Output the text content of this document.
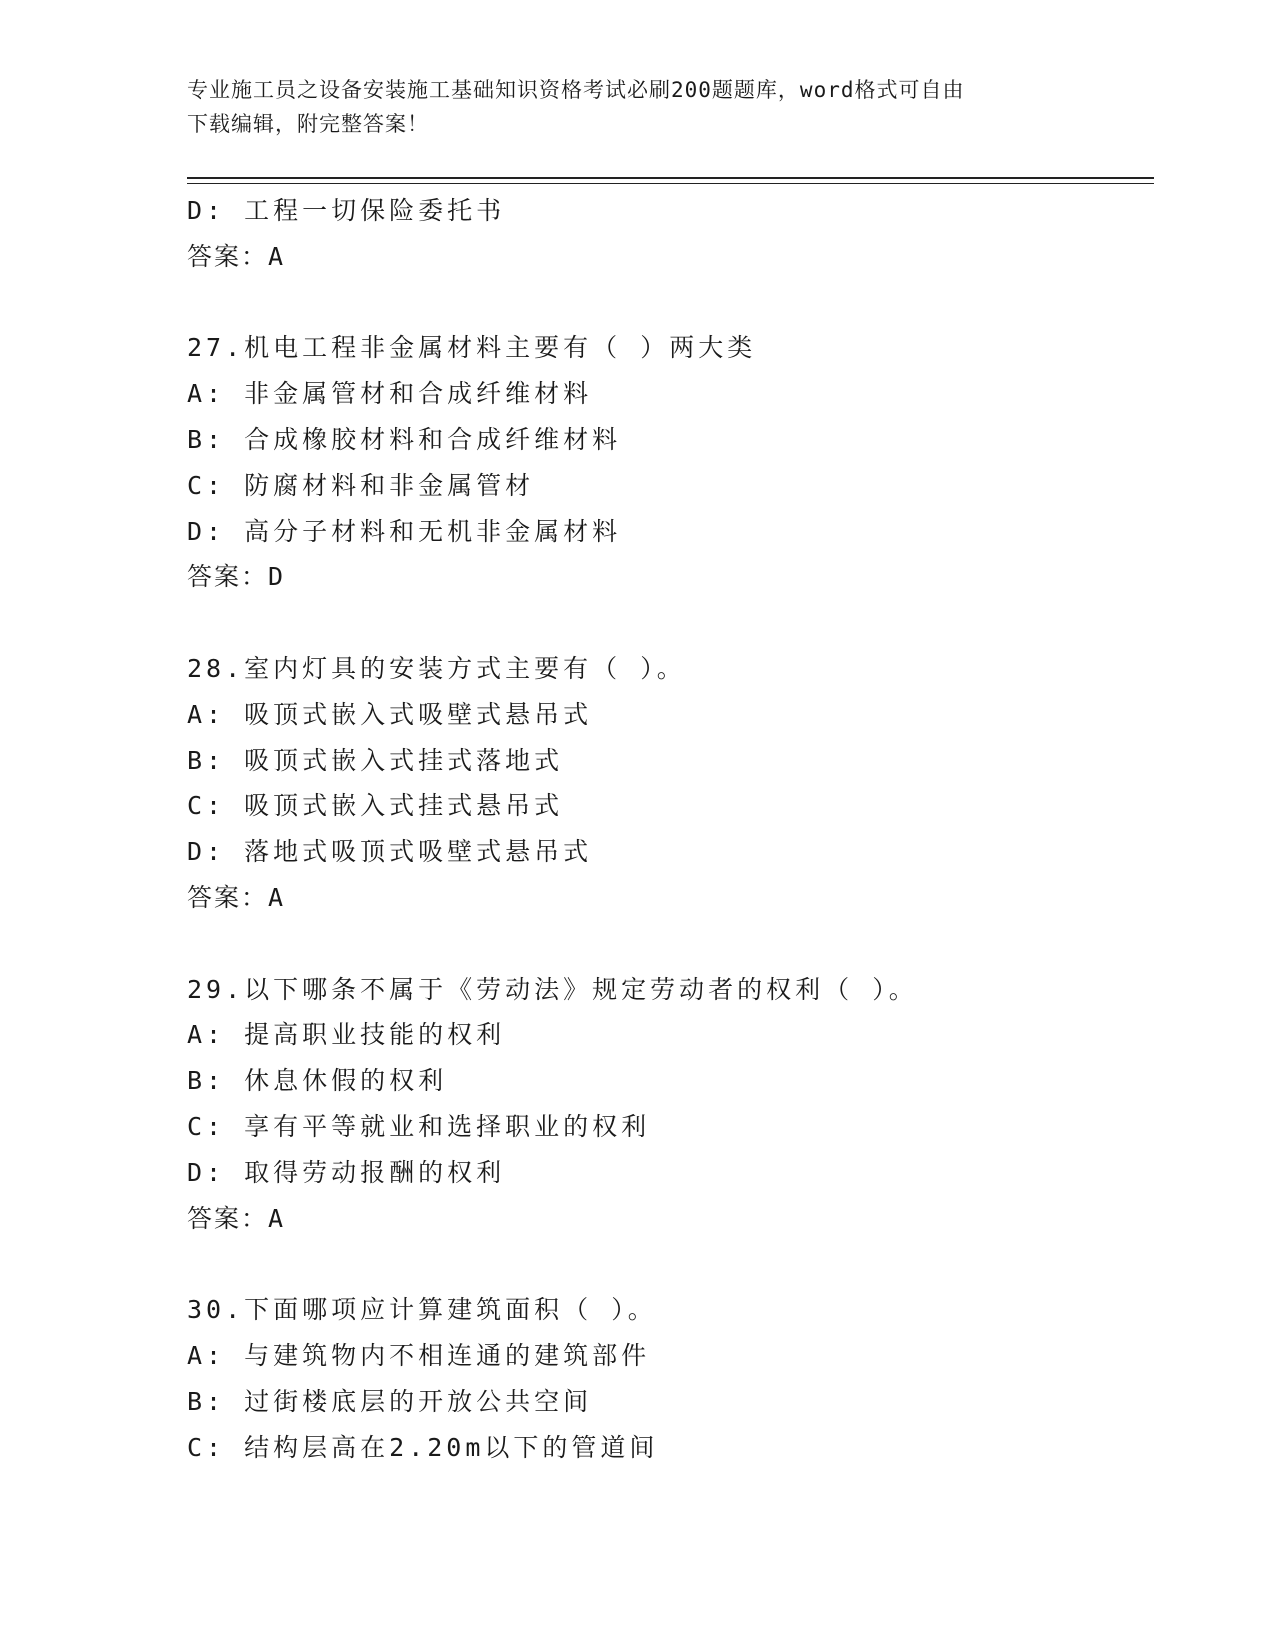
专业施工员之设备安装施工基础知识资格考试必刷200题题库，word格式可自由
下载编辑，附完整答案！
D: 工程一切保险委托书
答案：A
27.机电工程非金属材料主要有（ ）两大类
A: 非金属管材和合成纤维材料
B: 合成橡胶材料和合成纤维材料
C: 防腐材料和非金属管材
D: 高分子材料和无机非金属材料
答案：D
28.室内灯具的安装方式主要有（ ）。
A: 吸顶式嵌入式吸壁式悬吊式
B: 吸顶式嵌入式挂式落地式
C: 吸顶式嵌入式挂式悬吊式
D: 落地式吸顶式吸壁式悬吊式
答案：A
29.以下哪条不属于《劳动法》规定劳动者的权利（ ）。
A: 提高职业技能的权利
B: 休息休假的权利
C: 享有平等就业和选择职业的权利
D: 取得劳动报酬的权利
答案：A
30.下面哪项应计算建筑面积（ ）。
A: 与建筑物内不相连通的建筑部件
B: 过街楼底层的开放公共空间
C: 结构层高在2.20m以下的管道间
